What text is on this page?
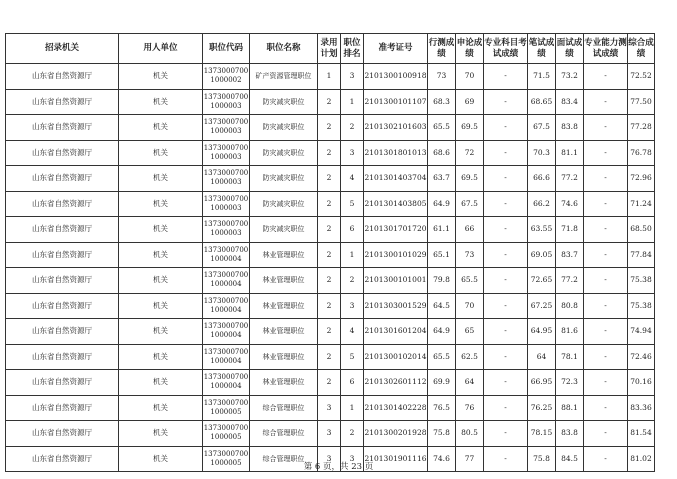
招录机关	用人单位	职位代码	职位名称	录用计划	职位排名	准考证号	行测成绩	申论成绩	专业科目考试成绩	笔试成绩	面试成绩	专业能力测试成绩	综合成绩
山东省自然资源厅	机关	13730007001000002	矿产资源管理职位	1	3	2101300100918	73	70	-	71.5	73.2	-	72.52
山东省自然资源厅	机关	13730007001000003	防灾减灾职位	2	1	2101300101107	68.3	69	-	68.65	83.4	-	77.50
山东省自然资源厅	机关	13730007001000003	防灾减灾职位	2	2	2101302101603	65.5	69.5	-	67.5	83.8	-	77.28
山东省自然资源厅	机关	13730007001000003	防灾减灾职位	2	3	2101301801013	68.6	72	-	70.3	81.1	-	76.78
山东省自然资源厅	机关	13730007001000003	防灾减灾职位	2	4	2101301403704	63.7	69.5	-	66.6	77.2	-	72.96
山东省自然资源厅	机关	13730007001000003	防灾减灾职位	2	5	2101301403805	64.9	67.5	-	66.2	74.6	-	71.24
山东省自然资源厅	机关	13730007001000003	防灾减灾职位	2	6	2101301701720	61.1	66	-	63.55	71.8	-	68.50
山东省自然资源厅	机关	13730007001000004	林业管理职位	2	1	2101300101029	65.1	73	-	69.05	83.7	-	77.84
山东省自然资源厅	机关	13730007001000004	林业管理职位	2	2	2101300101001	79.8	65.5	-	72.65	77.2	-	75.38
山东省自然资源厅	机关	13730007001000004	林业管理职位	2	3	2101303001529	64.5	70	-	67.25	80.8	-	75.38
山东省自然资源厅	机关	13730007001000004	林业管理职位	2	4	2101301601204	64.9	65	-	64.95	81.6	-	74.94
山东省自然资源厅	机关	13730007001000004	林业管理职位	2	5	2101300102014	65.5	62.5	-	64	78.1	-	72.46
山东省自然资源厅	机关	13730007001000004	林业管理职位	2	6	2101302601112	69.9	64	-	66.95	72.3	-	70.16
山东省自然资源厅	机关	13730007001000005	综合管理职位	3	1	2101301402228	76.5	76	-	76.25	88.1	-	83.36
山东省自然资源厅	机关	13730007001000005	综合管理职位	3	2	2101300201928	75.8	80.5	-	78.15	83.8	-	81.54
山东省自然资源厅	机关	13730007001000005	综合管理职位	3	3	2101301901116	74.6	77	-	75.8	84.5	-	81.02
第 6 页，共 23 页
